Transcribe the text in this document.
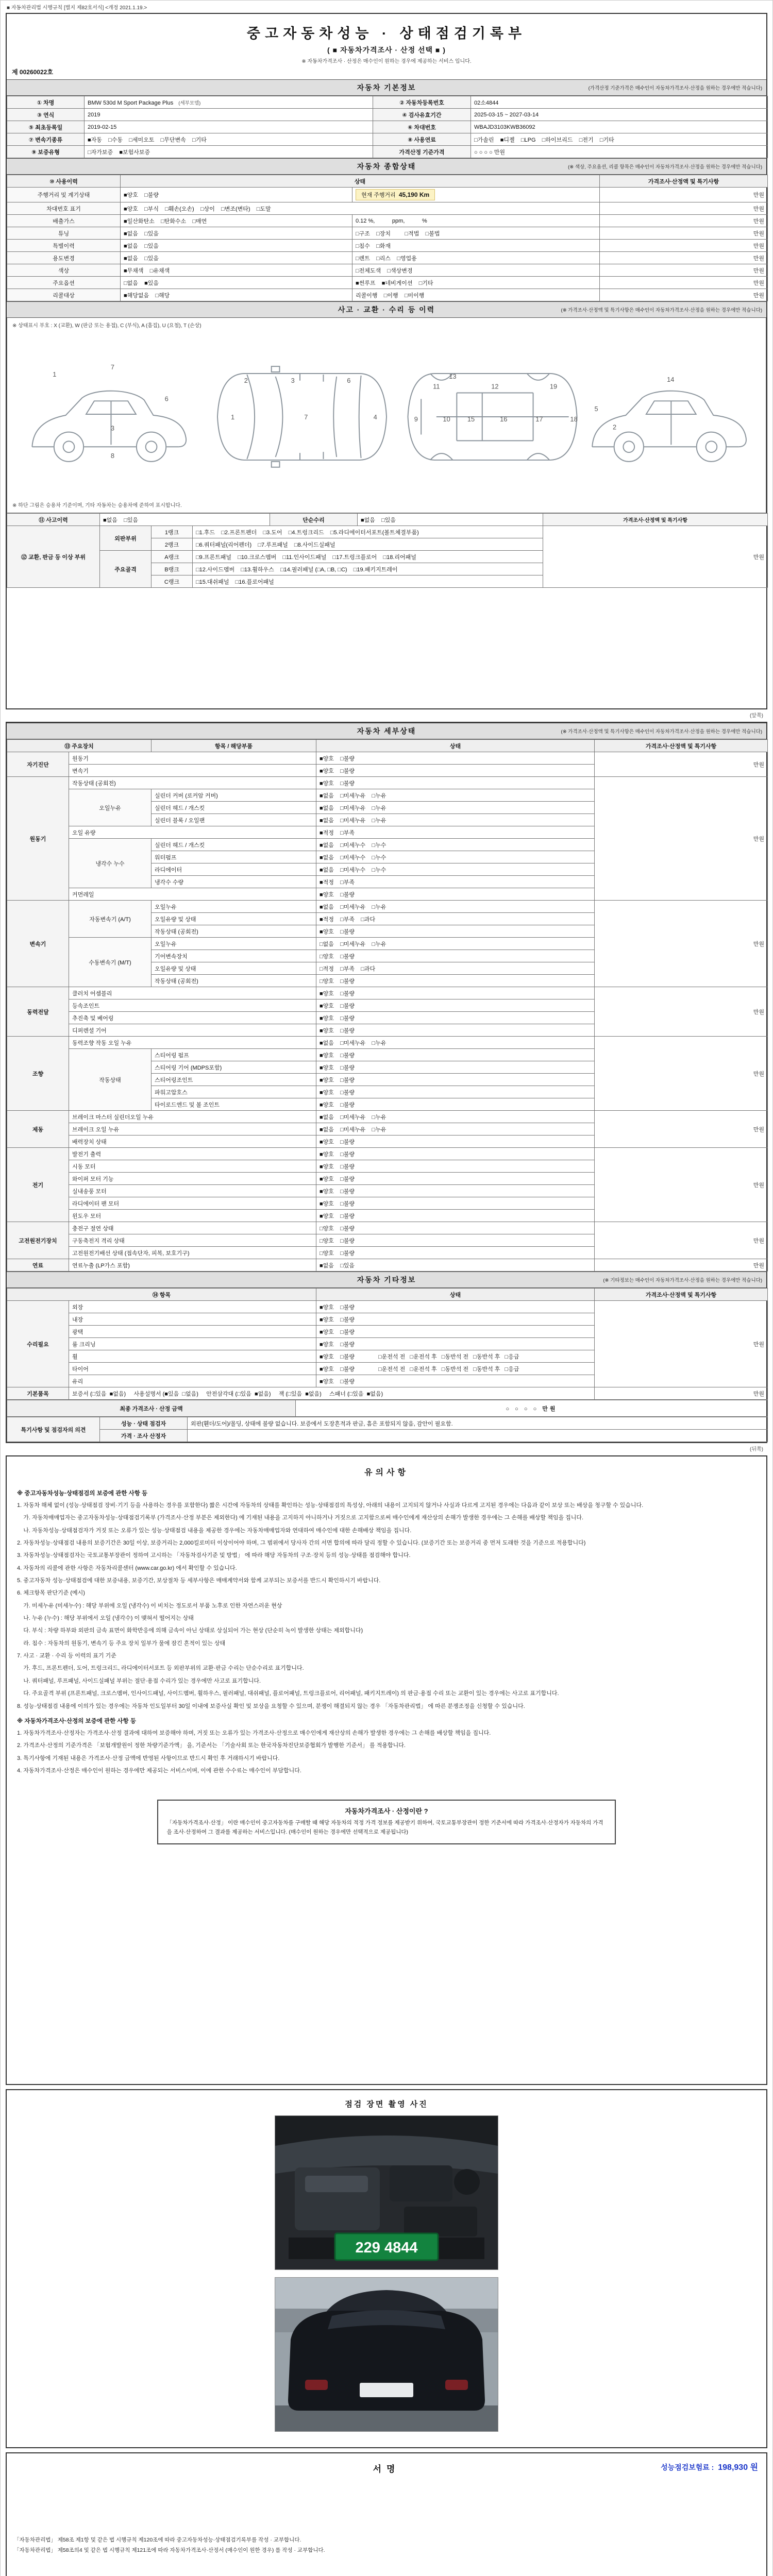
■ 자동차관리법 시행규칙 [별지 제82호서식] <개정 2021.1.19.>
중고자동차성능 · 상태점검기록부
( ■ 자동차가격조사 · 산정 선택 ■ )
※ 자동차가격조사 · 산정은 매수인이 원하는 경우에 제공하는 서비스 입니다.
제 00260022호
자동차 기본정보	(가격산정 기준가격은 매수인이 자동차가격조사·산정을 원하는 경우에만 적습니다)
① 차명	BMW 530d M Sport Package Plus (세부모델)	② 자동차등록번호	02소4844
③ 연식	2019	④ 검사유효기간	2025-03-15 ~ 2027-03-14
⑤ 최초등록일	2019-02-15	⑥ 차대번호	WBAJD3103KWB36092
⑦ 변속기종류	■자동    □수동    □세미오토    □무단변속    □기타	⑧ 사용연료	□가솔린    ■디젤    □LPG    □하이브리드    □전기    □기타
⑨ 보증유형	□자가보증    ■보험사보증	가격산정 기준가격	○ ○ ○ ○ 만원
자동차 종합상태	(※ 색상, 주요옵션, 리콜 항목은 매수인이 자동차가격조사·산정을 원하는 경우에만 적습니다)
⑩ 사용이력	상태		가격조사·산정액 및 특기사항
주행거리 및 계기상태	■양호    □불량	현재 주행거리 45,190 Km	만원
차대번호 표기	■양호    □부식    □훼손(오손)    □상이    □변조(변타)    □도말		만원
배출가스	■일산화탄소    □탄화수소    □매연	0.12 %,           ppm,           %	만원
튜닝	■없음    □있음	□구조    □장치         □적법    □불법	만원
특별이력	■없음    □있음	□침수    □화재	만원
용도변경	■없음    □있음	□렌트    □리스    □영업용	만원
색상	■무채색    □유채색	□전체도색    □색상변경	만원
주요옵션	□없음    ■있음	■썬루프    ■네비게이션    □기타	만원
리콜대상	■해당없음    □해당	리콜이행    □이행    □미이행	만원
사고 · 교환 · 수리 등 이력	(※ 가격조사·산정액 및 특기사항은 매수인이 자동차가격조사·산정을 원하는 경우에만 적습니다)
※ 상태표시 부호 : X (교환), W (판금 또는 용접), C (부식), A (흠집), U (요철), T (손상)
1
7
3
6
8
1	7	4
2	3	6
9	10
11
13
12
15	16	17	18
19
2
5
14
※ 하단 그림은 승용차 기준이며, 기타 자동차는 승용차에 준하여 표시합니다.
⑪ 사고이력	■없음    □있음	단순수리	■없음    □있음	가격조사·산정액 및 특기사항
⑫ 교환, 판금 등 이상 부위	외판부위	1랭크	□1.후드    □2.프론트펜더    □3.도어    □4.트렁크리드    □5.라디에이터서포트(볼트체결부품)	만원
		2랭크	□6.쿼터패널(리어펜더)    □7.루프패널    □8.사이드실패널	
	주요골격	A랭크	□9.프론트패널    □10.크로스멤버    □11.인사이드패널    □17.트렁크플로어    □18.리어패널	
		B랭크	□12.사이드멤버    □13.휠하우스    □14.필러패널 (□A, □B, □C)    □19.패키지트레이	
		C랭크	□15.대쉬패널    □16.플로어패널	
(앞쪽)
자동차 세부상태	(※ 가격조사·산정액 및 특기사항은 매수인이 자동차가격조사·산정을 원하는 경우에만 적습니다)
⑬ 주요장치		항목 / 해당부품	상태	가격조사·산정액 및 특기사항
자기진단	원동기		■양호    □불량	만원
	변속기		■양호    □불량	
원동기	작동상태 (공회전)		■양호    □불량	만원
	오일누유	실린더 커버 (로커암 커버)	■없음    □미세누유    □누유	
		실린더 헤드 / 개스킷	■없음    □미세누유    □누유	
		실린더 블록 / 오일팬	■없음    □미세누유    □누유	
	오일 유량		■적정    □부족	
	냉각수 누수	실린더 헤드 / 개스킷	■없음    □미세누수    □누수	
		워터펌프	■없음    □미세누수    □누수	
		라디에이터	■없음    □미세누수    □누수	
		냉각수 수량	■적정    □부족	
	커먼레일		■양호    □불량	
변속기	자동변속기 (A/T)	오일누유	■없음    □미세누유    □누유	만원
		오일유량 및 상태	■적정    □부족    □과다	
		작동상태 (공회전)	■양호    □불량	
	수동변속기 (M/T)	오일누유	□없음    □미세누유    □누유	
		기어변속장치	□양호    □불량	
		오일유량 및 상태	□적정    □부족    □과다	
		작동상태 (공회전)	□양호    □불량	
동력전달	클러치 어셈블리		■양호    □불량	만원
	등속조인트		■양호    □불량	
	추진축 및 베어링		■양호    □불량	
	디퍼렌셜 기어		■양호    □불량	
조향	동력조향 작동 오일 누유		■없음    □미세누유    □누유	만원
	작동상태	스티어링 펌프	■양호    □불량	
		스티어링 기어 (MDPS포함)	■양호    □불량	
		스티어링조인트	■양호    □불량	
		파워고압호스	■양호    □불량	
		타이로드엔드 및 볼 조인트	■양호    □불량	
제동	브레이크 마스터 실린더오일 누유		■없음    □미세누유    □누유	만원
	브레이크 오일 누유		■없음    □미세누유    □누유	
	배력장치 상태		■양호    □불량	
전기	발전기 출력		■양호    □불량	만원
	시동 모터		■양호    □불량	
	와이퍼 모터 기능		■양호    □불량	
	실내송풍 모터		■양호    □불량	
	라디에이터 팬 모터		■양호    □불량	
	윈도우 모터		■양호    □불량	
고전원전기장치	충전구 절연 상태		□양호    □불량	만원
	구동축전지 격리 상태		□양호    □불량	
	고전원전기배선 상태 (접속단자, 피복, 보호기구)		□양호    □불량	
연료	연료누출 (LP가스 포함)		■없음    □있음	만원
자동차 기타정보	(※ 기타정보는 매수인이 자동차가격조사·산정을 원하는 경우에만 적습니다)
⑭ 항목		상태	가격조사·산정액 및 특기사항
수리필요	외장	■양호    □불량	만원
	내장	■양호    □불량	
	광택	■양호    □불량	
	룸 크리닝	■양호    □불량	
	휠	■양호    □불량 □운전석 전   □운전석 후   □동반석 전   □동반석 후   □응급	
	타이어	■양호    □불량 □운전석 전   □운전석 후   □동반석 전   □동반석 후   □응급	
	유리	■양호    □불량	
기본품목	보증서 (□있음  ■없음)     사용설명서 (■있음  □없음)     안전삼각대 (□있음  ■없음)     잭 (□있음  ■없음)     스패너 (□있음  ■없음)		만원
최종 가격조사 · 산정 금액	○ ○ ○ ○ 만원
특기사항 및 점검자의 의견	성능 · 상태 점검자	외판(휀더/도어)/몰딩, 상태에 불량 없습니다. 보증에서 도장흔적과 판금, 흠은 포함되지 않음, 감안이 필요함.
	가격 · 조사 산정자	
(뒤쪽)
유의사항
※ 중고자동차성능·상태점검의 보증에 관한 사항 등
1. 자동차 해체 없이 (성능·상태점검 장비·기기 등을 사용하는 경우를 포함한다) 짧은 시간에 자동차의 상태를 확인하는 성능·상태점검의 특성상, 아래의 내용이 고지되지 않거나 사실과 다르게 고지된 경우에는 다음과 같이 보상 또는 배상을 청구할 수 있습니다.
가. 자동차매매업자는 중고자동차성능·상태점검기록부 (가격조사·산정 부분은 제외한다) 에 기재된 내용을 고지하지 아니하거나 거짓으로 고지함으로써 매수인에게 재산상의 손해가 발생한 경우에는 그 손해를 배상할 책임을 집니다.
나. 자동차성능·상태점검자가 거짓 또는 오류가 있는 성능·상태점검 내용을 제공한 경우에는 자동차매매업자와 연대하여 매수인에 대한 손해배상 책임을 집니다.
2. 자동차성능·상태점검 내용의 보증기간은 30일 이상, 보증거리는 2,000킬로미터 이상이어야 하며, 그 범위에서 당사자 간의 서면 합의에 따라 달리 정할 수 있습니다. (보증기간 또는 보증거리 중 먼저 도래한 것을 기준으로 적용합니다)
3. 자동차성능·상태점검자는 국토교통부장관이 정하여 고시하는 「자동차검사기준 및 방법」 에 따라 해당 자동차의 구조·장치 등의 성능·상태를 점검해야 합니다.
4. 자동차의 리콜에 관한 사항은 자동차리콜센터 (www.car.go.kr) 에서 확인할 수 있습니다.
5. 중고자동차 성능·상태점검에 대한 보증내용, 보증기간, 보상절차 등 세부사항은 매매계약서와 함께 교부되는 보증서를 반드시 확인하시기 바랍니다.
6. 체크항목 판단기준 (예시)
가. 미세누유 (미세누수) : 해당 부위에 오일 (냉각수) 이 비치는 정도로서 부품 노후로 인한 자연스러운 현상
나. 누유 (누수) : 해당 부위에서 오일 (냉각수) 이 맺혀서 떨어지는 상태
다. 부식 : 차량 하부와 외판의 금속 표면이 화학반응에 의해 금속이 아닌 상태로 상실되어 가는 현상 (단순히 녹이 발생한 상태는 제외합니다)
라. 침수 : 자동차의 원동기, 변속기 등 주요 장치 일부가 물에 잠긴 흔적이 있는 상태
7. 사고 · 교환 · 수리 등 이력의 표기 기준
가. 후드, 프론트펜더, 도어, 트렁크리드, 라디에이터서포트 등 외판부위의 교환·판금 수리는 단순수리로 표기합니다.
나. 쿼터패널, 루프패널, 사이드실패널 부위는 절단·용접 수리가 있는 경우에만 사고로 표기합니다.
다. 주요골격 부위 (프론트패널, 크로스멤버, 인사이드패널, 사이드멤버, 휠하우스, 필러패널, 대쉬패널, 플로어패널, 트렁크플로어, 리어패널, 패키지트레이) 의 판금·용접 수리 또는 교환이 있는 경우에는 사고로 표기합니다.
8. 성능·상태점검 내용에 이의가 있는 경우에는 자동차 인도일부터 30일 이내에 보증사실 확인 및 보상을 요청할 수 있으며, 분쟁이 해결되지 않는 경우 「자동차관리법」 에 따른 분쟁조정을 신청할 수 있습니다.
※ 자동차가격조사·산정의 보증에 관한 사항 등
1. 자동차가격조사·산정자는 가격조사·산정 결과에 대하여 보증해야 하며, 거짓 또는 오류가 있는 가격조사·산정으로 매수인에게 재산상의 손해가 발생한 경우에는 그 손해를 배상할 책임을 집니다.
2. 가격조사·산정의 기준가격은 「보험개발원이 정한 차량기준가액」 을, 기준서는 「기술사회 또는 한국자동차진단보증협회가 발행한 기준서」 를 적용합니다.
3. 특기사항에 기재된 내용은 가격조사·산정 금액에 반영된 사항이므로 반드시 확인 후 거래하시기 바랍니다.
4. 자동차가격조사·산정은 매수인이 원하는 경우에만 제공되는 서비스이며, 이에 관한 수수료는 매수인이 부담합니다.
자동차가격조사 · 산정이란 ?
「자동차가격조사·산정」 이란 매수인이 중고자동차를 구매할 때 해당 자동차의 적정 가격 정보를 제공받기 위하여, 국토교통부장관이 정한 기준서에 따라 가격조사·산정자가 자동차의 가격을 조사·산정하여 그 결과를 제공하는 서비스입니다. (매수인이 원하는 경우에만 선택적으로 제공됩니다)
점검 장면 촬영 사진
229 4844
서명	성능점검보험료 : 198,930 원
「자동차관리법」 제58조 제1항 및 같은 법 시행규칙 제120조에 따라 중고자동차성능·상태점검기록부를 작성 · 교부합니다.
「자동차관리법」 제58조의4 및 같은 법 시행규칙 제121조에 따라 자동차가격조사·산정서 (매수인이 원한 경우) 를 작성 · 교부합니다.
